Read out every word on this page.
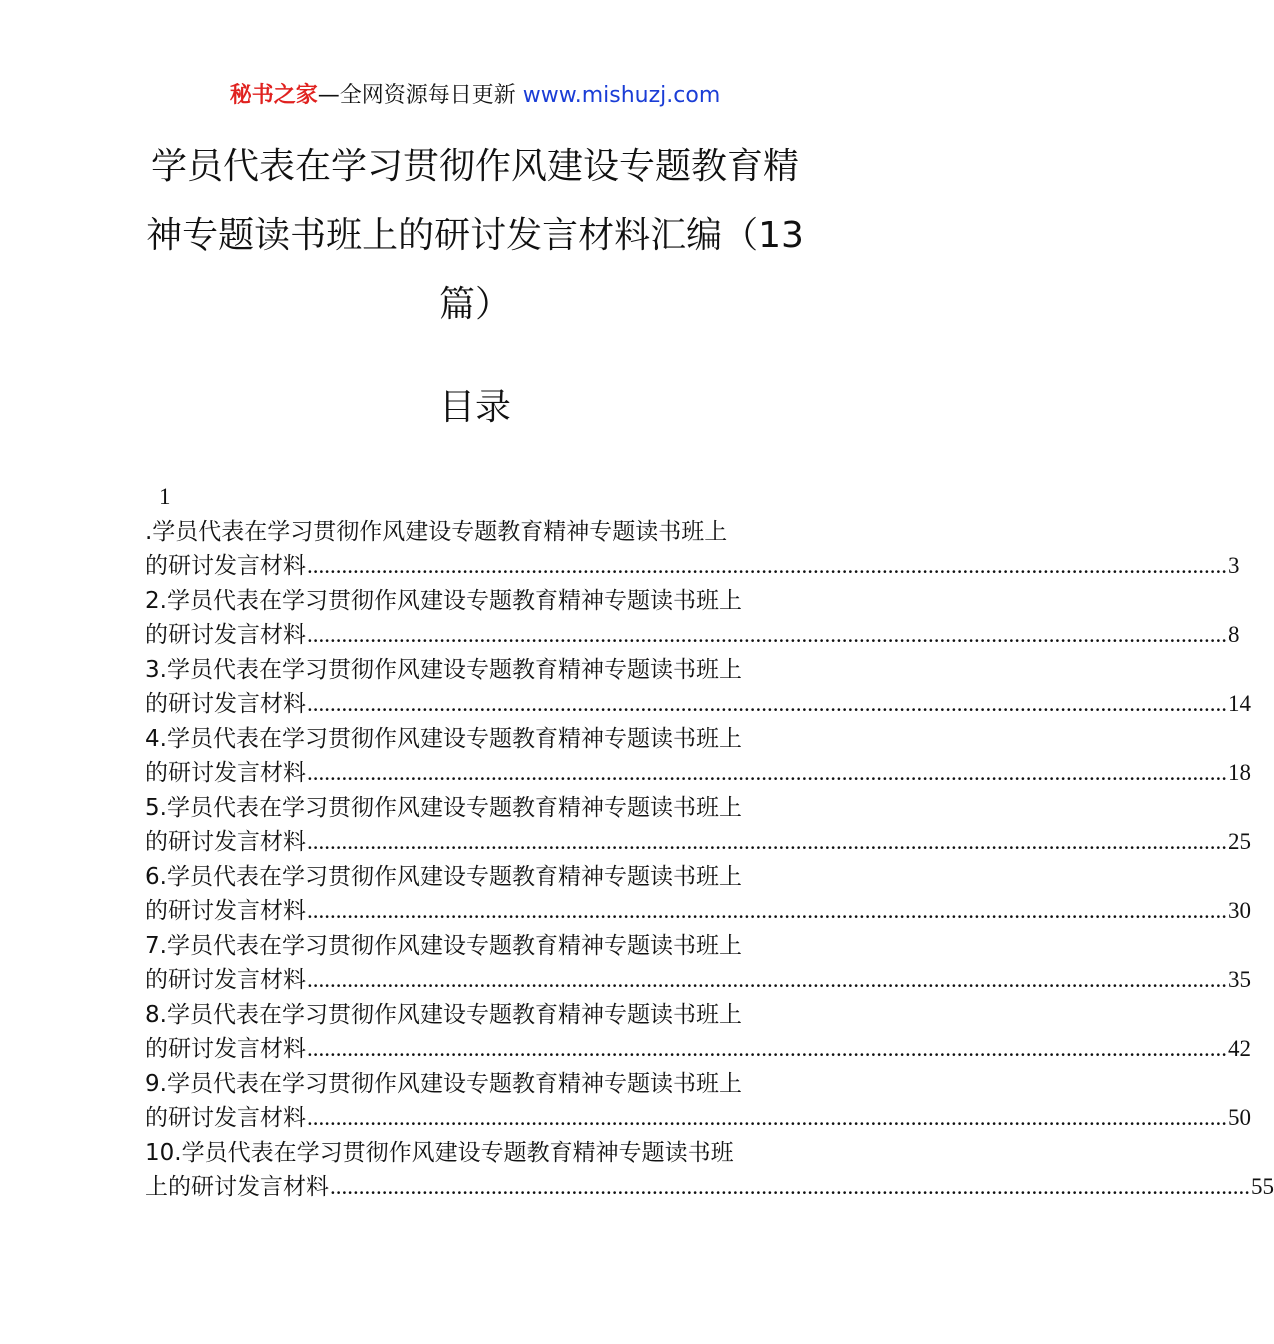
秘书之家—全网资源每日更新 www.mishuzj.com
学员代表在学习贯彻作风建设专题教育精
神专题读书班上的研讨发言材料汇编（13
篇）
目录
1
.学员代表在学习贯彻作风建设专题教育精神专题读书班上
的研讨发言材料 ................................................................................................................................................................ 3
2.学员代表在学习贯彻作风建设专题教育精神专题读书班上
的研讨发言材料 ................................................................................................................................................................ 8
3.学员代表在学习贯彻作风建设专题教育精神专题读书班上
的研讨发言材料 ................................................................................................................................................................ 14
4.学员代表在学习贯彻作风建设专题教育精神专题读书班上
的研讨发言材料 ................................................................................................................................................................ 18
5.学员代表在学习贯彻作风建设专题教育精神专题读书班上
的研讨发言材料 ................................................................................................................................................................ 25
6.学员代表在学习贯彻作风建设专题教育精神专题读书班上
的研讨发言材料 ................................................................................................................................................................ 30
7.学员代表在学习贯彻作风建设专题教育精神专题读书班上
的研讨发言材料 ................................................................................................................................................................ 35
8.学员代表在学习贯彻作风建设专题教育精神专题读书班上
的研讨发言材料 ................................................................................................................................................................ 42
9.学员代表在学习贯彻作风建设专题教育精神专题读书班上
的研讨发言材料 ................................................................................................................................................................ 50
10.学员代表在学习贯彻作风建设专题教育精神专题读书班
上的研讨发言材料 ................................................................................................................................................................ 55
